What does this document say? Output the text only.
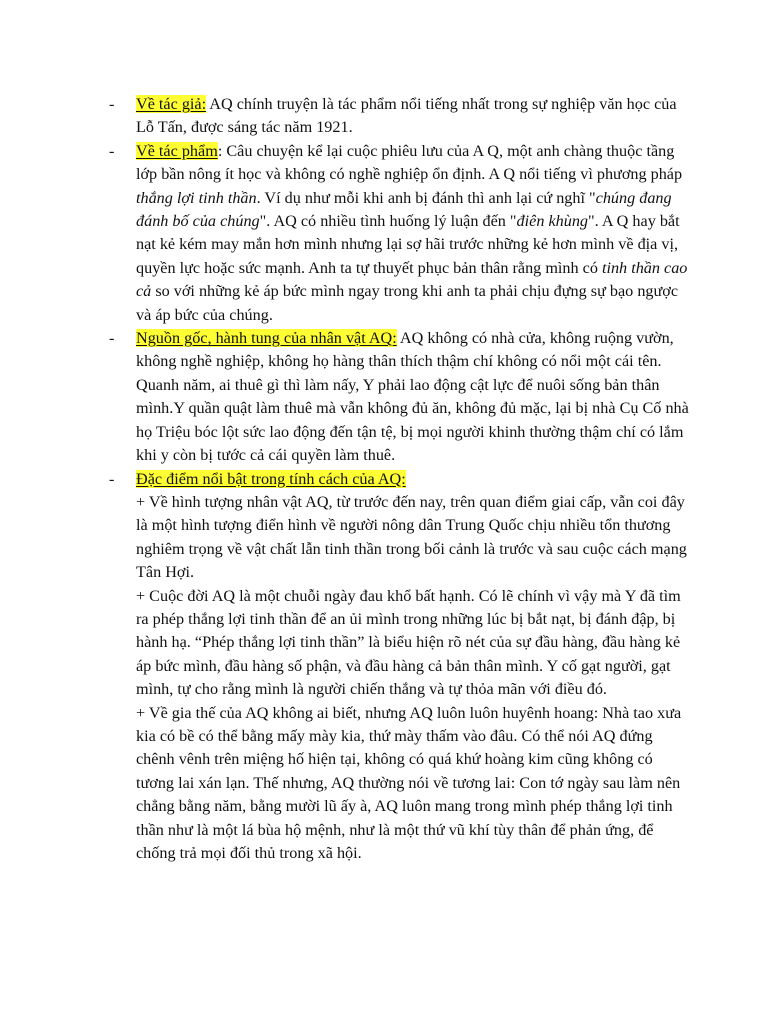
- Về tác giả: AQ chính truyện là tác phẩm nổi tiếng nhất trong sự nghiệp văn học của Lỗ Tấn, được sáng tác năm 1921.
- Về tác phẩm: Câu chuyện kể lại cuộc phiêu lưu của A Q, một anh chàng thuộc tầng lớp bần nông ít học và không có nghề nghiệp ổn định. A Q nổi tiếng vì phương pháp thắng lợi tinh thần. Ví dụ như mỗi khi anh bị đánh thì anh lại cứ nghĩ "chúng đang đánh bố của chúng". AQ có nhiều tình huống lý luận đến "điên khùng". A Q hay bắt nạt kẻ kém may mắn hơn mình nhưng lại sợ hãi trước những kẻ hơn mình về địa vị, quyền lực hoặc sức mạnh. Anh ta tự thuyết phục bản thân rằng mình có tinh thần cao cả so với những kẻ áp bức mình ngay trong khi anh ta phải chịu đựng sự bạo ngược và áp bức của chúng.
- Nguồn gốc, hành tung của nhân vật AQ: AQ không có nhà cửa, không ruộng vườn, không nghề nghiệp, không họ hàng thân thích thậm chí không có nổi một cái tên. Quanh năm, ai thuê gì thì làm nấy, Y phải lao động cật lực để nuôi sống bản thân mình.Y quần quật làm thuê mà vẫn không đủ ăn, không đủ mặc, lại bị nhà Cụ Cố nhà họ Triệu bóc lột sức lao động đến tận tệ, bị mọi người khinh thường thậm chí có lắm khi y còn bị tước cả cái quyền làm thuê.
- Đặc điểm nổi bật trong tính cách của AQ:

+ Về hình tượng nhân vật AQ, từ trước đến nay, trên quan điểm giai cấp, vẫn coi đây là một hình tượng điển hình về người nông dân Trung Quốc chịu nhiều tổn thương nghiêm trọng về vật chất lẫn tinh thần trong bối cảnh là trước và sau cuộc cách mạng Tân Hợi.

+ Cuộc đời AQ là một chuỗi ngày đau khổ bất hạnh. Có lẽ chính vì vậy mà Y đã tìm ra phép thắng lợi tinh thần để an ủi mình trong những lúc bị bắt nạt, bị đánh đập, bị hành hạ. “Phép thắng lợi tinh thần” là biểu hiện rõ nét của sự đầu hàng, đầu hàng kẻ áp bức mình, đầu hàng số phận, và đầu hàng cả bản thân mình. Y cố gạt người, gạt mình, tự cho rằng mình là người chiến thắng và tự thỏa mãn với điều đó.

+ Về gia thế của AQ không ai biết, nhưng AQ luôn luôn huyênh hoang: Nhà tao xưa kia có bề có thể bằng mấy mày kia, thứ mày thấm vào đâu. Có thể nói AQ đứng chênh vênh trên miệng hố hiện tại, không có quá khứ hoàng kim cũng không có tương lai xán lạn. Thế nhưng, AQ thường nói về tương lai: Con tớ ngày sau làm nên chẳng bằng năm, bằng mười lũ ấy à, AQ luôn mang trong mình phép thắng lợi tinh thần như là một lá bùa hộ mệnh, như là một thứ vũ khí tùy thân để phản ứng, để chống trả mọi đối thủ trong xã hội.
